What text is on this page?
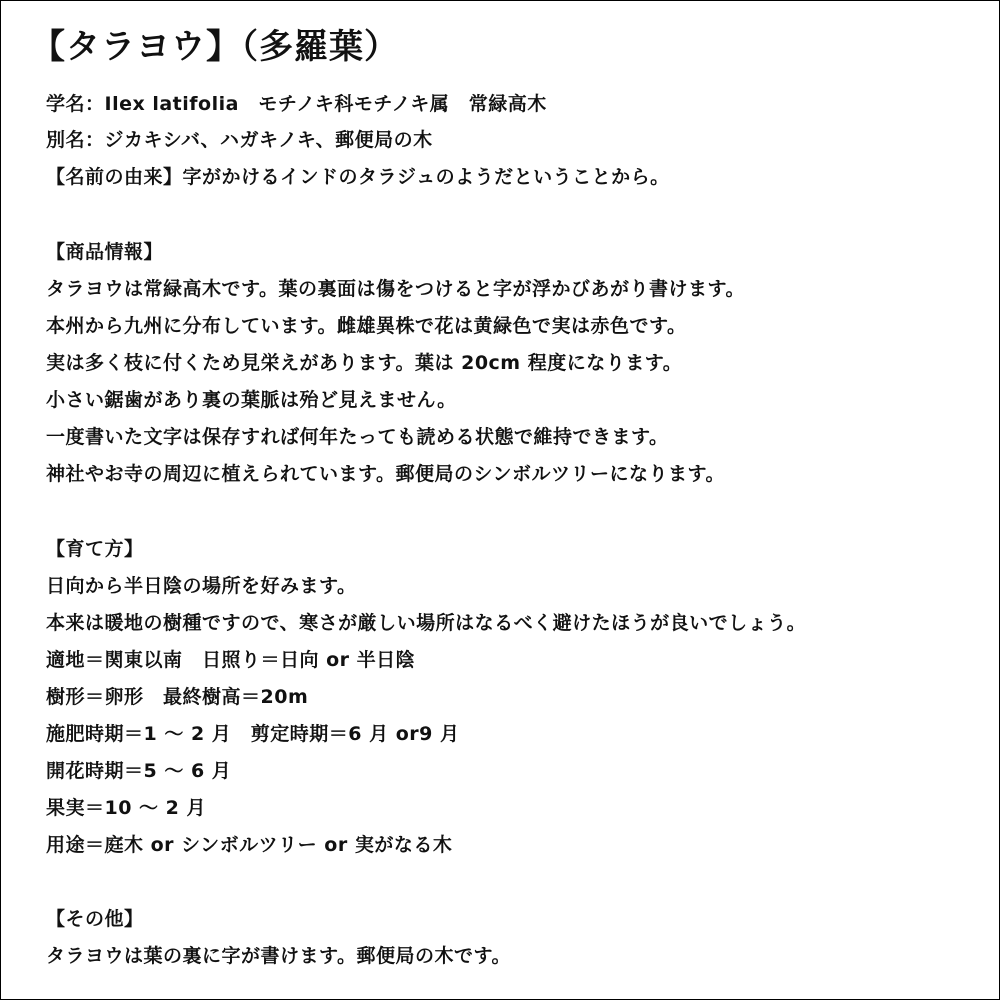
【タラヨウ】（多羅葉）
学名：Ilex latifolia　モチノキ科モチノキ属　常緑高木
別名：ジカキシバ、ハガキノキ、郵便局の木
【名前の由来】字がかけるインドのタラジュのようだということから。
【商品情報】
タラヨウは常緑高木です。葉の裏面は傷をつけると字が浮かびあがり書けます。
本州から九州に分布しています。雌雄異株で花は黄緑色で実は赤色です。
実は多く枝に付くため見栄えがあります。葉は 20cm 程度になります。
小さい鋸歯があり裏の葉脈は殆ど見えません。
一度書いた文字は保存すれば何年たっても読める状態で維持できます。
神社やお寺の周辺に植えられています。郵便局のシンボルツリーになります。
【育て方】
日向から半日陰の場所を好みます。
本来は暖地の樹種ですので、寒さが厳しい場所はなるべく避けたほうが良いでしょう。
適地＝関東以南　日照り＝日向 or 半日陰
樹形＝卵形　最終樹高＝20m
施肥時期＝1 ～ 2 月　剪定時期＝6 月 or9 月
開花時期＝5 ～ 6 月
果実＝10 ～ 2 月
用途＝庭木 or シンボルツリー or 実がなる木
【その他】
タラヨウは葉の裏に字が書けます。郵便局の木です。
